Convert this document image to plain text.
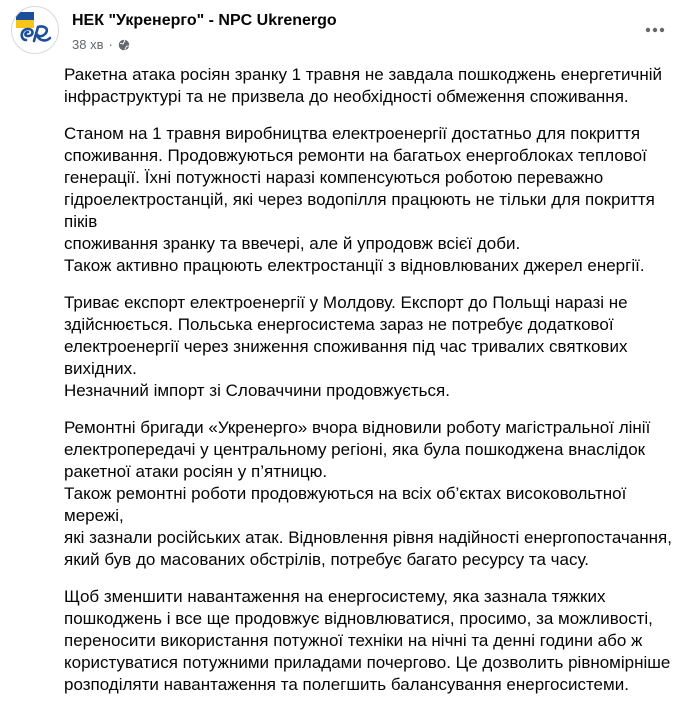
НЕК "Укренерго" - NPC Ukrenergo
38 хв ·

Ракетна атака росіян зранку 1 травня не завдала пошкоджень енергетичній
інфраструктурі та не призвела до необхідності обмеження споживання.

Станом на 1 травня виробництва електроенергії достатньо для покриття
споживання. Продовжуються ремонти на багатьох енергоблоках теплової
генерації. Їхні потужності наразі компенсуються роботою переважно
гідроелектростанцій, які через водопілля працюють не тільки для покриття піків
споживання зранку та ввечері, але й упродовж всієї доби.
Також активно працюють електростанції з відновлюваних джерел енергії.

Триває експорт електроенергії у Молдову. Експорт до Польщі наразі не
здійснюється. Польська енергосистема зараз не потребує додаткової
електроенергії через зниження споживання під час тривалих святкових
вихідних.
Незначний імпорт зі Словаччини продовжується.

Ремонтні бригади «Укренерго» вчора відновили роботу магістральної лінії
електропередачі у центральному регіоні, яка була пошкоджена внаслідок
ракетної атаки росіян у п’ятницю.
Також ремонтні роботи продовжуються на всіх об’єктах високовольтної мережі,
які зазнали російських атак. Відновлення рівня надійності енергопостачання,
який був до масованих обстрілів, потребує багато ресурсу та часу.

Щоб зменшити навантаження на енергосистему, яка зазнала тяжких
пошкоджень і все ще продовжує відновлюватися, просимо, за можливості,
переносити використання потужної техніки на нічні та денні години або ж
користуватися потужними приладами почергово. Це дозволить рівномірніше
розподіляти навантаження та полегшить балансування енергосистеми.
